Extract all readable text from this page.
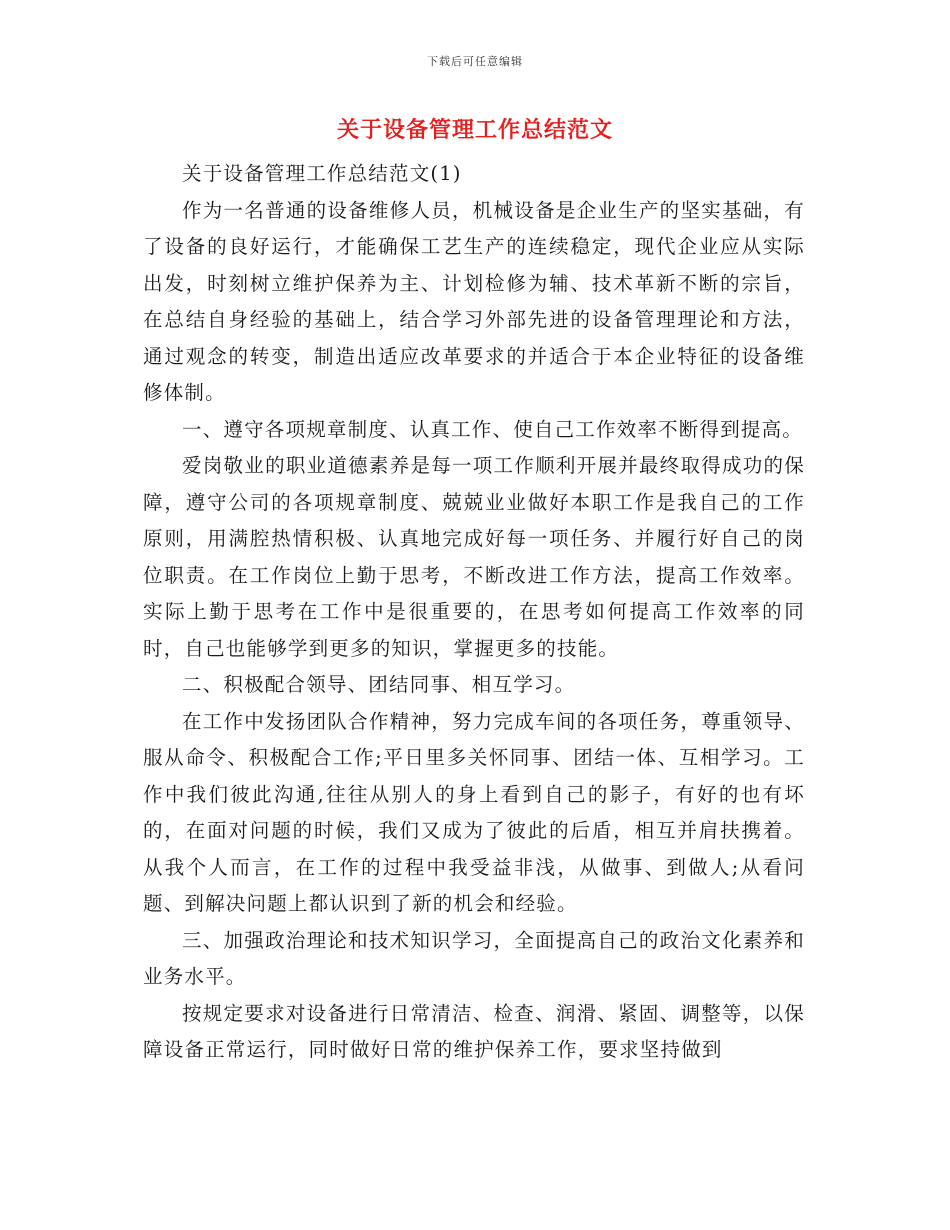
下载后可任意编辑
关于设备管理工作总结范文

关于设备管理工作总结范文(1)

作为一名普通的设备维修人员，机械设备是企业生产的坚实基础，有了设备的良好运行，才能确保工艺生产的连续稳定，现代企业应从实际出发，时刻树立维护保养为主、计划检修为辅、技术革新不断的宗旨，在总结自身经验的基础上，结合学习外部先进的设备管理理论和方法，通过观念的转变，制造出适应改革要求的并适合于本企业特征的设备维修体制。

一、遵守各项规章制度、认真工作、使自己工作效率不断得到提高。

爱岗敬业的职业道德素养是每一项工作顺利开展并最终取得成功的保障，遵守公司的各项规章制度、兢兢业业做好本职工作是我自己的工作原则，用满腔热情积极、认真地完成好每一项任务、并履行好自己的岗位职责。在工作岗位上勤于思考，不断改进工作方法，提高工作效率。实际上勤于思考在工作中是很重要的，在思考如何提高工作效率的同时，自己也能够学到更多的知识，掌握更多的技能。

二、积极配合领导、团结同事、相互学习。

在工作中发扬团队合作精神，努力完成车间的各项任务，尊重领导、服从命令、积极配合工作;平日里多关怀同事、团结一体、互相学习。工作中我们彼此沟通,往往从别人的身上看到自己的影子，有好的也有坏的，在面对问题的时候，我们又成为了彼此的后盾，相互并肩扶携着。从我个人而言，在工作的过程中我受益非浅，从做事、到做人;从看问题、到解决问题上都认识到了新的机会和经验。

三、加强政治理论和技术知识学习，全面提高自己的政治文化素养和业务水平。

按规定要求对设备进行日常清洁、检查、润滑、紧固、调整等，以保障设备正常运行，同时做好日常的维护保养工作，要求坚持做到
